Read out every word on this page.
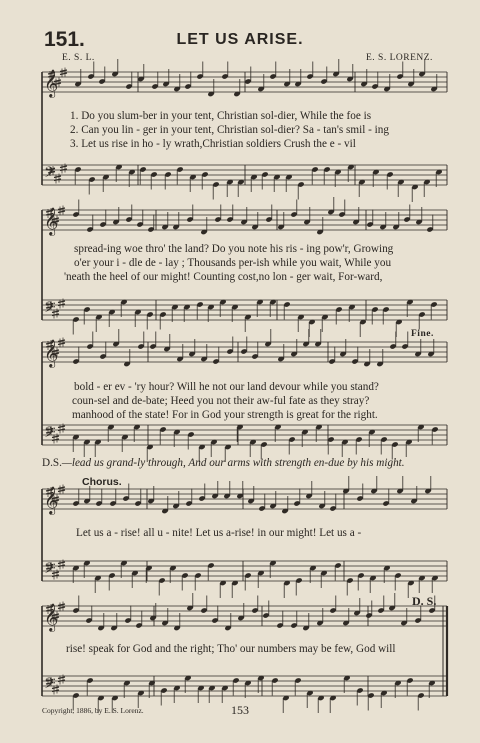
𝄞
𝄞
𝄞
𝄞
𝄞
𝄢
𝄢
𝄢
𝄢
𝄢
151.	LET US ARISE.
E. S. L.	E. S. LORENZ.
1. Do you slum-ber in your tent, Christian sol-dier, While the foe is
2. Can you lin - ger in your tent, Christian sol-dier? Sa - tan's smil - ing
3. Let us rise in ho - ly wrath,Christian soldiers Crush the e - vil
spread-ing woe thro' the land? Do you note his ris - ing pow'r, Growing
o'er your i - dle de - lay ; Thousands per-ish while you wait, While you
'neath the heel of our might! Counting cost,no lon - ger wait, For-ward,
Fine.
bold - er ev - 'ry hour? Will he not our land devour while you stand?
coun-sel and de-bate; Heed you not their aw-ful fate as they stray?
manhood of the state! For in God your strength is great for the right.
D.S.—lead us grand-ly through, And our arms with strength en-due by his might.
Chorus.
Let us a - rise! all u - nite! Let us a-rise! in our might! Let us a -
D. S.
rise! speak for God and the right; Tho' our numbers may be few, God will
Copyright, 1886, by E. S. Lorenz.	153
